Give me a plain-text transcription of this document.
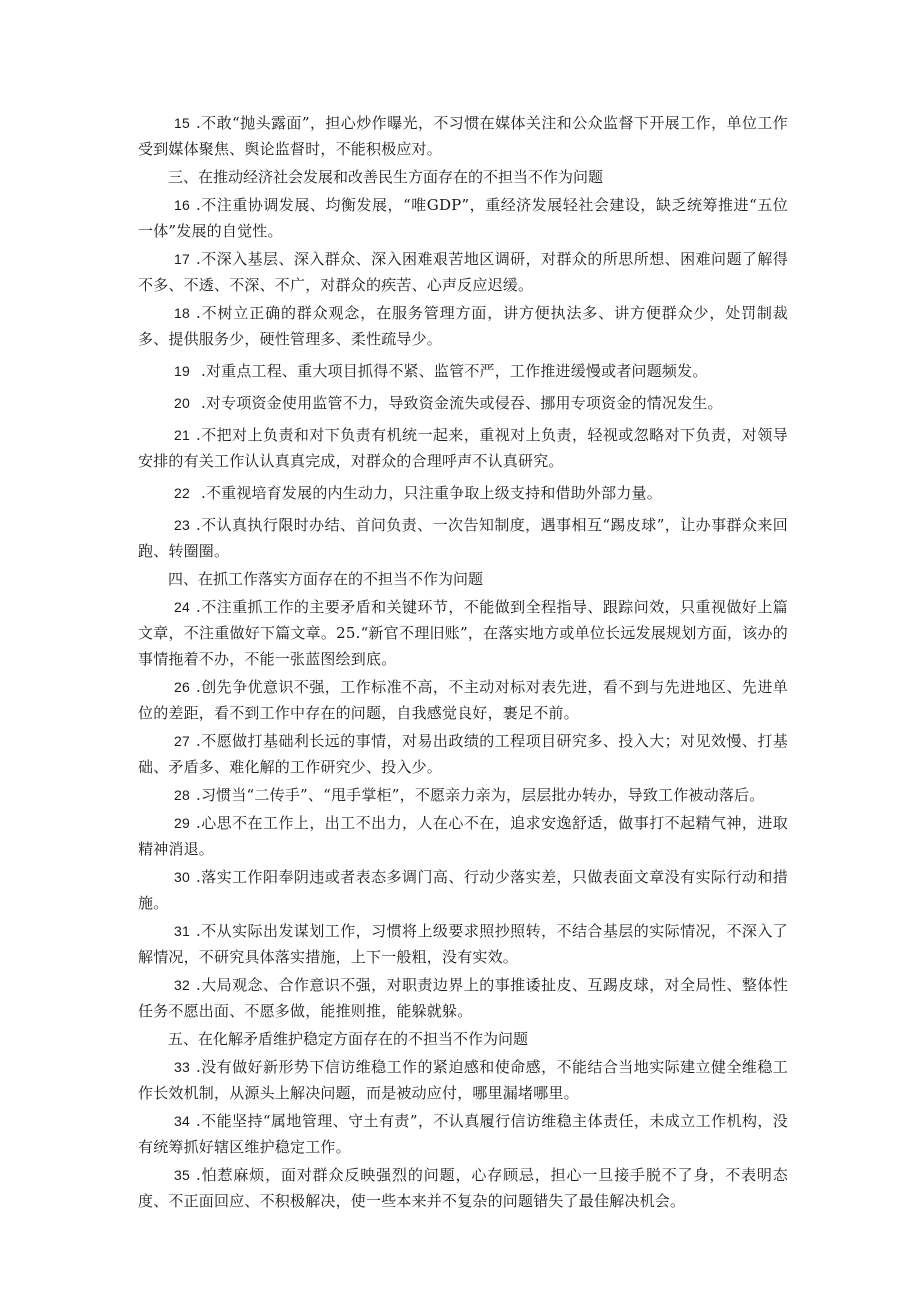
15 .不敢“抛头露面”，担心炒作曝光，不习惯在媒体关注和公众监督下开展工作，单位工作受到媒体聚焦、舆论监督时，不能积极应对。

三、在推动经济社会发展和改善民生方面存在的不担当不作为问题

16 .不注重协调发展、均衡发展，“唯GDP”，重经济发展轻社会建设，缺乏统筹推进“五位一体”发展的自觉性。

17 .不深入基层、深入群众、深入困难艰苦地区调研，对群众的所思所想、困难问题了解得不多、不透、不深、不广，对群众的疾苦、心声反应迟缓。

18 .不树立正确的群众观念，在服务管理方面，讲方便执法多、讲方便群众少，处罚制裁多、提供服务少，硬性管理多、柔性疏导少。

19 .对重点工程、重大项目抓得不紧、监管不严，工作推进缓慢或者问题频发。

20 .对专项资金使用监管不力，导致资金流失或侵吞、挪用专项资金的情况发生。

21 .不把对上负责和对下负责有机统一起来，重视对上负责，轻视或忽略对下负责，对领导安排的有关工作认认真真完成，对群众的合理呼声不认真研究。

22 .不重视培育发展的内生动力，只注重争取上级支持和借助外部力量。

23 .不认真执行限时办结、首问负责、一次告知制度，遇事相互“踢皮球”，让办事群众来回跑、转圈圈。

四、在抓工作落实方面存在的不担当不作为问题

24 .不注重抓工作的主要矛盾和关键环节，不能做到全程指导、跟踪问效，只重视做好上篇文章，不注重做好下篇文章。25.“新官不理旧账”，在落实地方或单位长远发展规划方面，该办的事情拖着不办，不能一张蓝图绘到底。

26 .创先争优意识不强，工作标准不高，不主动对标对表先进，看不到与先进地区、先进单位的差距，看不到工作中存在的问题，自我感觉良好，裹足不前。

27 .不愿做打基础利长远的事情，对易出政绩的工程项目研究多、投入大；对见效慢、打基础、矛盾多、难化解的工作研究少、投入少。

28 .习惯当“二传手”、“甩手掌柜”，不愿亲力亲为，层层批办转办，导致工作被动落后。

29 .心思不在工作上，出工不出力，人在心不在，追求安逸舒适，做事打不起精气神，进取精神消退。

30 .落实工作阳奉阴违或者表态多调门高、行动少落实差，只做表面文章没有实际行动和措施。

31 .不从实际出发谋划工作，习惯将上级要求照抄照转，不结合基层的实际情况，不深入了解情况，不研究具体落实措施，上下一般粗，没有实效。

32 .大局观念、合作意识不强，对职责边界上的事推诿扯皮、互踢皮球，对全局性、整体性任务不愿出面、不愿多做，能推则推，能躲就躲。

五、在化解矛盾维护稳定方面存在的不担当不作为问题

33 .没有做好新形势下信访维稳工作的紧迫感和使命感，不能结合当地实际建立健全维稳工作长效机制，从源头上解决问题，而是被动应付，哪里漏堵哪里。

34 .不能坚持“属地管理、守土有责”，不认真履行信访维稳主体责任，未成立工作机构，没有统筹抓好辖区维护稳定工作。

35 .怕惹麻烦，面对群众反映强烈的问题，心存顾忌，担心一旦接手脱不了身，不表明态度、不正面回应、不积极解决，使一些本来并不复杂的问题错失了最佳解决机会。
